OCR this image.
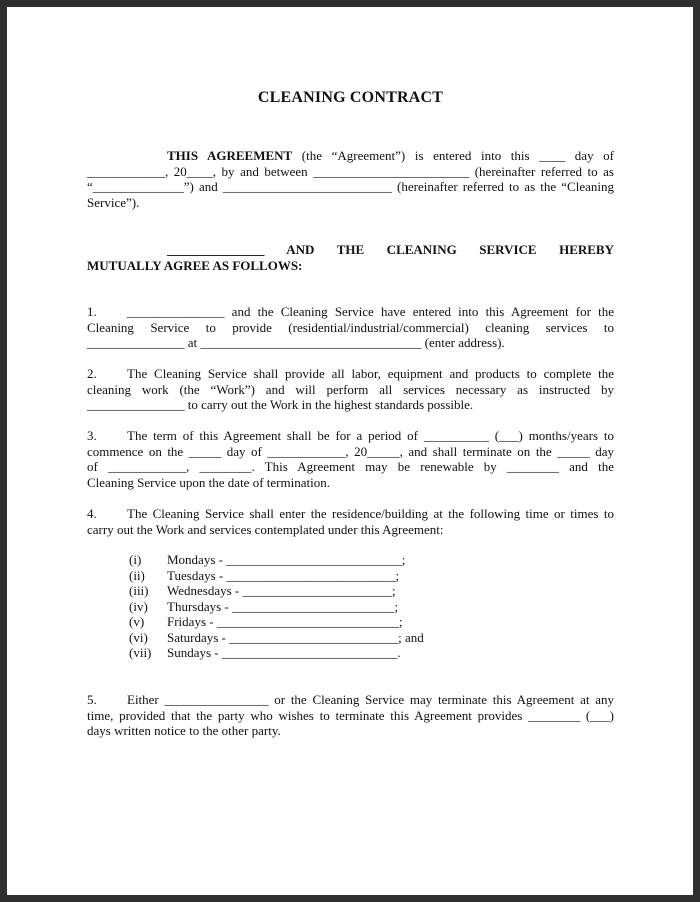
CLEANING CONTRACT
THIS AGREEMENT (the “Agreement”) is entered into this ____ day of
____________, 20____, by and between ________________________ (hereinafter referred to as
“______________”) and __________________________ (hereinafter referred to as the “Cleaning
Service”).
_______________ AND THE CLEANING SERVICE HEREBY
MUTUALLY AGREE AS FOLLOWS:
1. _______________ and the Cleaning Service have entered into this Agreement for the
Cleaning Service to provide (residential/industrial/commercial) cleaning services to
_______________ at __________________________________ (enter address).
2. The Cleaning Service shall provide all labor, equipment and products to complete the
cleaning work (the “Work”) and will perform all services necessary as instructed by
_______________ to carry out the Work in the highest standards possible.
3. The term of this Agreement shall be for a period of __________ (___) months/years to
commence on the _____ day of ____________, 20_____, and shall terminate on the _____ day
of ____________, ________. This Agreement may be renewable by ________ and the
Cleaning Service upon the date of termination.
4. The Cleaning Service shall enter the residence/building at the following time or times to
carry out the Work and services contemplated under this Agreement:
(i)	Mondays - ___________________________;
(ii)	Tuesdays - __________________________;
(iii)	Wednesdays - _______________________;
(iv)	Thursdays - _________________________;
(v)	Fridays - ____________________________;
(vi)	Saturdays - __________________________; and
(vii)	Sundays - ___________________________.
5. Either ________________ or the Cleaning Service may terminate this Agreement at any
time, provided that the party who wishes to terminate this Agreement provides ________ (___)
days written notice to the other party.
